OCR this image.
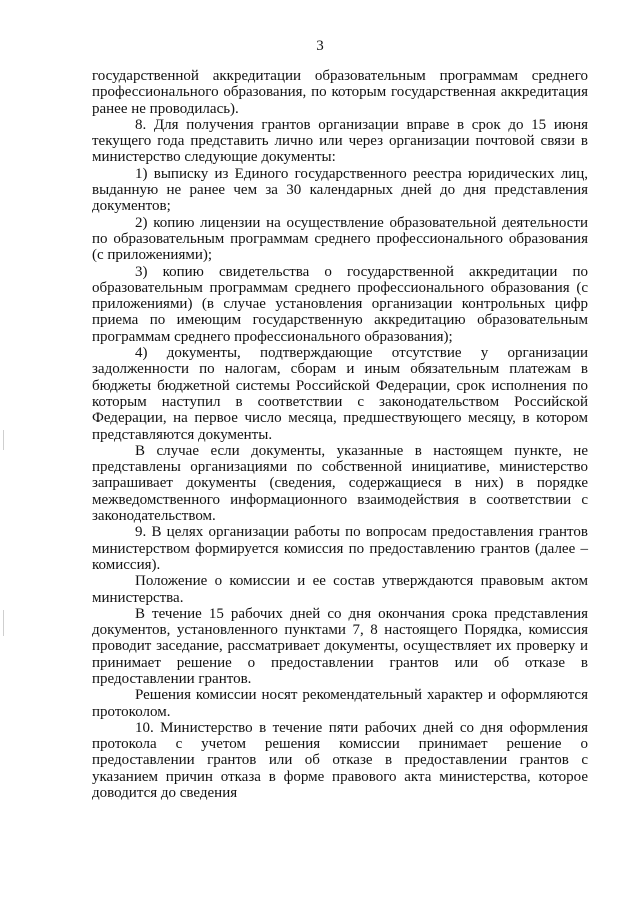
3

государственной аккредитации образовательным программам среднего профессионального образования, по которым государственная аккредитация ранее не проводилась).

8. Для получения грантов организации вправе в срок до 15 июня текущего года представить лично или через организации почтовой связи в министерство следующие документы:

1) выписку из Единого государственного реестра юридических лиц, выданную не ранее чем за 30 календарных дней до дня представления документов;

2) копию лицензии на осуществление образовательной деятельности по образовательным программам среднего профессионального образования (с приложениями);

3) копию свидетельства о государственной аккредитации по образовательным программам среднего профессионального образования (с приложениями) (в случае установления организации контрольных цифр приема по имеющим государственную аккредитацию образовательным программам среднего профессионального образования);

4) документы, подтверждающие отсутствие у организации задолженности по налогам, сборам и иным обязательным платежам в бюджеты бюджетной системы Российской Федерации, срок исполнения по которым наступил в соответствии с законодательством Российской Федерации, на первое число месяца, предшествующего месяцу, в котором представляются документы.

В случае если документы, указанные в настоящем пункте, не представлены организациями по собственной инициативе, министерство запрашивает документы (сведения, содержащиеся в них) в порядке межведомственного информационного взаимодействия в соответствии с законодательством.

9. В целях организации работы по вопросам предоставления грантов министерством формируется комиссия по предоставлению грантов (далее – комиссия).

Положение о комиссии и ее состав утверждаются правовым актом министерства.

В течение 15 рабочих дней со дня окончания срока представления документов, установленного пунктами 7, 8 настоящего Порядка, комиссия проводит заседание, рассматривает документы, осуществляет их проверку и принимает решение о предоставлении грантов или об отказе в предоставлении грантов.

Решения комиссии носят рекомендательный характер и оформляются протоколом.

10. Министерство в течение пяти рабочих дней со дня оформления протокола с учетом решения комиссии принимает решение о предоставлении грантов или об отказе в предоставлении грантов с указанием причин отказа в форме правового акта министерства, которое доводится до сведения
